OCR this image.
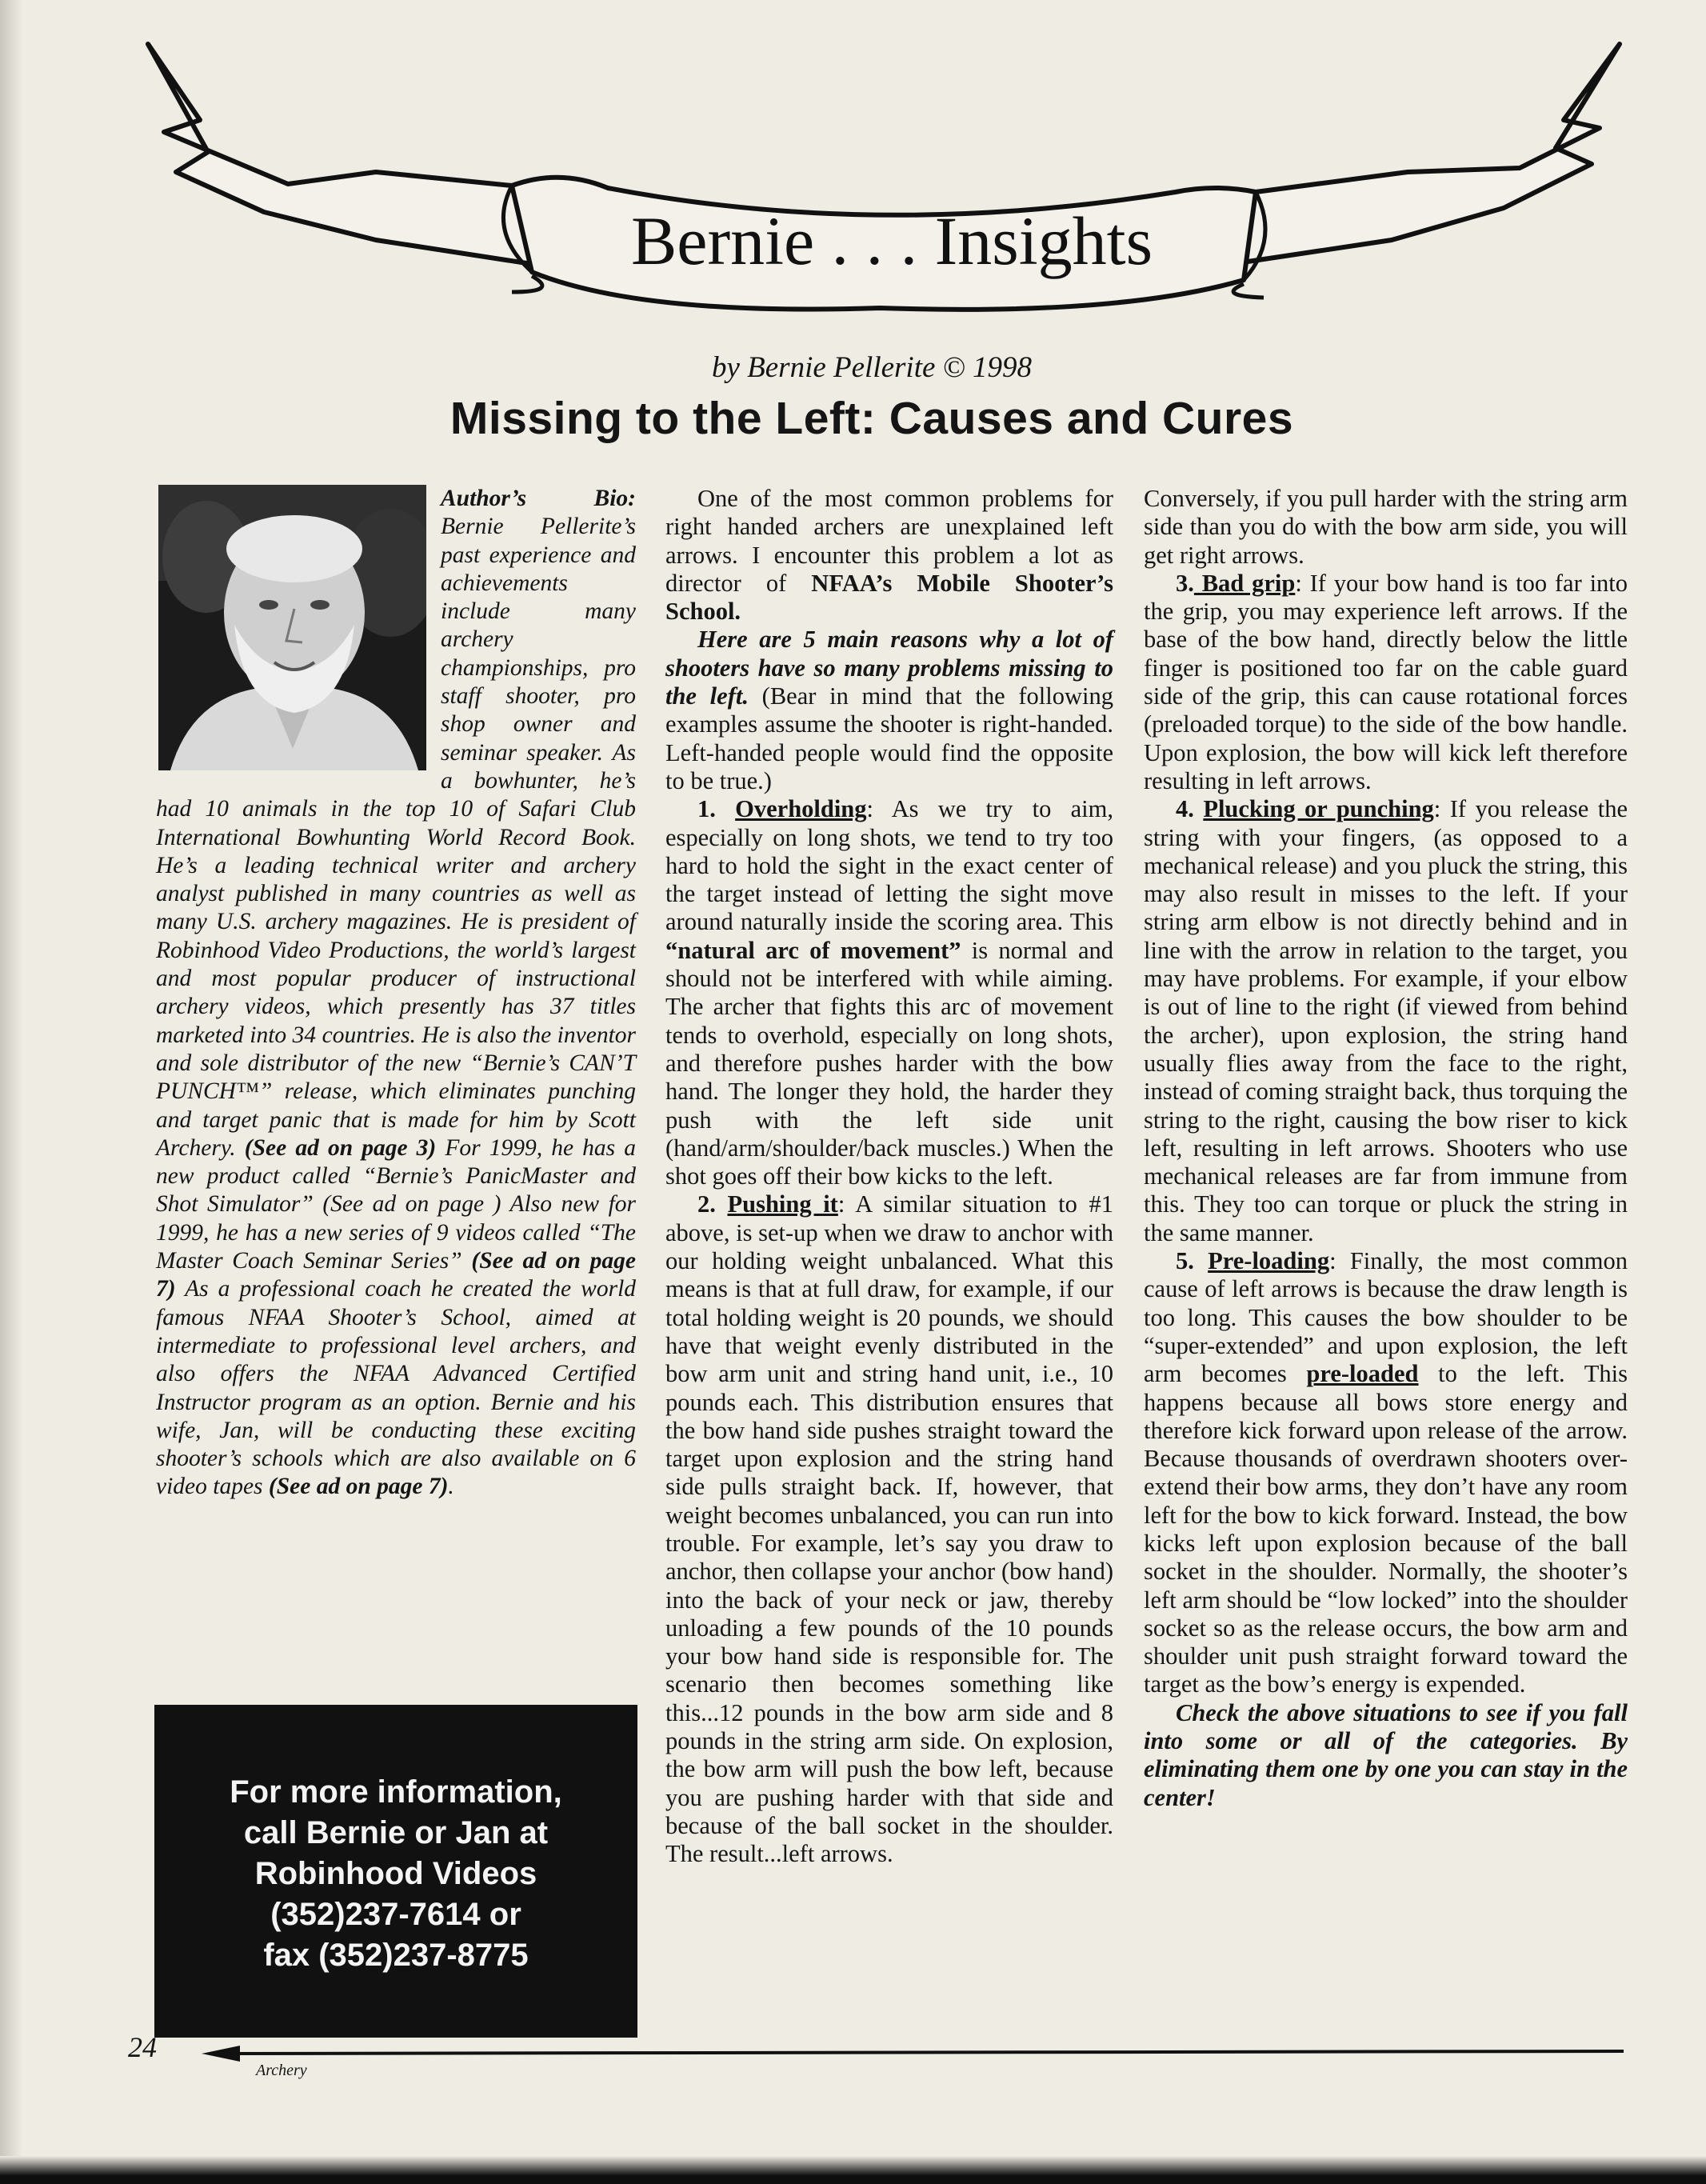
Bernie . . . Insights
by Bernie Pellerite © 1998
Missing to the Left: Causes and Cures

Author’s Bio: Bernie Pellerite’s past experience and achievements include many archery championships, pro staff shooter, pro shop owner and seminar speaker. As a bowhunter, he’s had 10 animals in the top 10 of Safari Club International Bowhunting World Record Book. He’s a leading technical writer and archery analyst published in many countries as well as many U.S. archery magazines. He is president of Robinhood Video Productions, the world’s largest and most popular producer of instructional archery videos, which presently has 37 titles marketed into 34 countries. He is also the inventor and sole distributor of the new “Bernie’s CAN’T PUNCH™” release, which eliminates punching and target panic that is made for him by Scott Archery. (See ad on page 3) For 1999, he has a new product called “Bernie’s PanicMaster and Shot Simulator” (See ad on page ) Also new for 1999, he has a new series of 9 videos called “The Master Coach Seminar Series” (See ad on page 7) As a professional coach he created the world famous NFAA Shooter’s School, aimed at intermediate to professional level archers, and also offers the NFAA Advanced Certified Instructor program as an option. Bernie and his wife, Jan, will be conducting these exciting shooter’s schools which are also available on 6 video tapes (See ad on page 7).

For more information,
call Bernie or Jan at
Robinhood Videos
(352)237-7614 or
fax (352)237-8775

One of the most common problems for right handed archers are unexplained left arrows. I encounter this problem a lot as director of NFAA’s Mobile Shooter’s School.

Here are 5 main reasons why a lot of shooters have so many problems missing to the left. (Bear in mind that the following examples assume the shooter is right-handed. Left-handed people would find the opposite to be true.)

1. Overholding: As we try to aim, especially on long shots, we tend to try too hard to hold the sight in the exact center of the target instead of letting the sight move around naturally inside the scoring area. This “natural arc of movement” is normal and should not be interfered with while aiming. The archer that fights this arc of movement tends to overhold, especially on long shots, and therefore pushes harder with the bow hand. The longer they hold, the harder they push with the left side unit (hand/arm/shoulder/back muscles.) When the shot goes off their bow kicks to the left.

2. Pushing it: A similar situation to #1 above, is set-up when we draw to anchor with our holding weight unbalanced. What this means is that at full draw, for example, if our total holding weight is 20 pounds, we should have that weight evenly distributed in the bow arm unit and string hand unit, i.e., 10 pounds each. This distribution ensures that the bow hand side pushes straight toward the target upon explosion and the string hand side pulls straight back. If, however, that weight becomes unbalanced, you can run into trouble. For example, let’s say you draw to anchor, then collapse your anchor (bow hand) into the back of your neck or jaw, thereby unloading a few pounds of the 10 pounds your bow hand side is responsible for. The scenario then becomes something like this...12 pounds in the bow arm side and 8 pounds in the string arm side. On explosion, the bow arm will push the bow left, because you are pushing harder with that side and because of the ball socket in the shoulder. The result...left arrows.

Conversely, if you pull harder with the string arm side than you do with the bow arm side, you will get right arrows.

3. Bad grip: If your bow hand is too far into the grip, you may experience left arrows. If the base of the bow hand, directly below the little finger is positioned too far on the cable guard side of the grip, this can cause rotational forces (preloaded torque) to the side of the bow handle. Upon explosion, the bow will kick left therefore resulting in left arrows.

4. Plucking or punching: If you release the string with your fingers, (as opposed to a mechanical release) and you pluck the string, this may also result in misses to the left. If your string arm elbow is not directly behind and in line with the arrow in relation to the target, you may have problems. For example, if your elbow is out of line to the right (if viewed from behind the archer), upon explosion, the string hand usually flies away from the face to the right, instead of coming straight back, thus torquing the string to the right, causing the bow riser to kick left, resulting in left arrows. Shooters who use mechanical releases are far from immune from this. They too can torque or pluck the string in the same manner.

5. Pre-loading: Finally, the most common cause of left arrows is because the draw length is too long. This causes the bow shoulder to be “super-extended” and upon explosion, the left arm becomes pre-loaded to the left. This happens because all bows store energy and therefore kick forward upon release of the arrow. Because thousands of overdrawn shooters over-extend their bow arms, they don’t have any room left for the bow to kick forward. Instead, the bow kicks left upon explosion because of the ball socket in the shoulder. Normally, the shooter’s left arm should be “low locked” into the shoulder socket so as the release occurs, the bow arm and shoulder unit push straight forward toward the target as the bow’s energy is expended.

Check the above situations to see if you fall into some or all of the categories. By eliminating them one by one you can stay in the center!

24
Archery
